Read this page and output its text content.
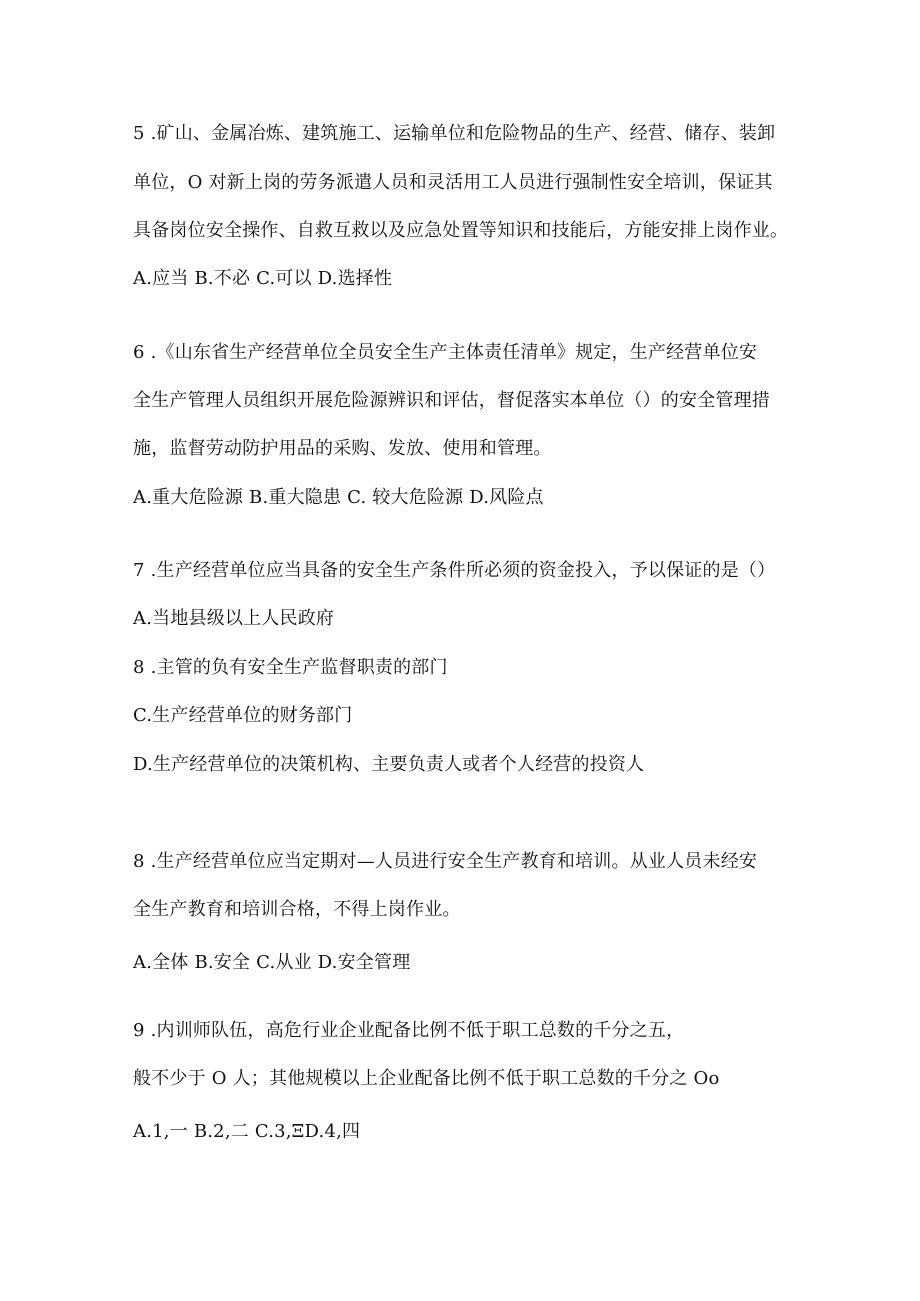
5 .矿山、金属冶炼、建筑施工、运输单位和危险物品的生产、经营、储存、装卸
单位，O 对新上岗的劳务派遣人员和灵活用工人员进行强制性安全培训，保证其
具备岗位安全操作、自救互救以及应急处置等知识和技能后，方能安排上岗作业。
A.应当 B.不必 C.可以 D.选择性
6 .《山东省生产经营单位全员安全生产主体责任清单》规定，生产经营单位安
全生产管理人员组织开展危险源辨识和评估，督促落实本单位（）的安全管理措
施，监督劳动防护用品的采购、发放、使用和管理。
A.重大危险源 B.重大隐患 C. 较大危险源 D.风险点
7 .生产经营单位应当具备的安全生产条件所必须的资金投入，予以保证的是（）
A.当地县级以上人民政府
8 .主管的负有安全生产监督职责的部门
C.生产经营单位的财务部门
D.生产经营单位的决策机构、主要负责人或者个人经营的投资人
8 .生产经营单位应当定期对—人员进行安全生产教育和培训。从业人员未经安
全生产教育和培训合格，不得上岗作业。
A.全体 B.安全 C.从业 D.安全管理
9 .内训师队伍，高危行业企业配备比例不低于职工总数的千分之五，
般不少于 O 人；其他规模以上企业配备比例不低于职工总数的千分之 Oo
A.1,一 B.2,二 C.3,ΞD.4,四
